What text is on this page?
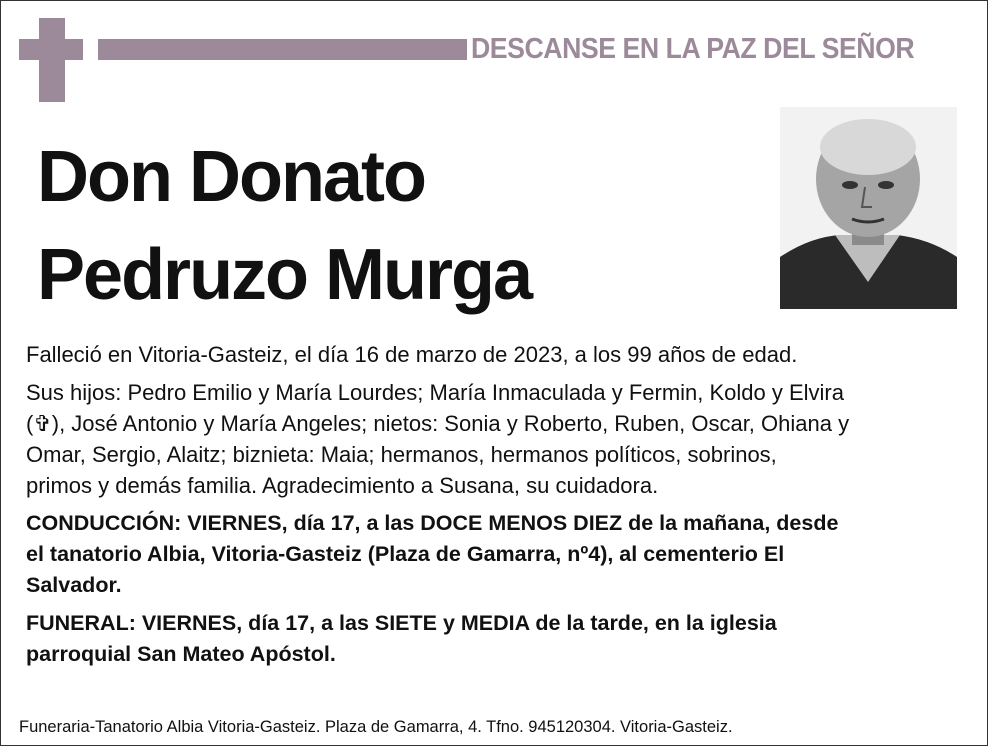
DESCANSE EN LA PAZ DEL SEÑOR
Don Donato
Pedruzo Murga
Falleció en Vitoria-Gasteiz, el día 16 de marzo de 2023, a los 99 años de edad.
Sus hijos: Pedro Emilio y María Lourdes; María Inmaculada y Fermin, Koldo y Elvira
(✞), José Antonio y María Angeles; nietos: Sonia y Roberto, Ruben, Oscar, Ohiana y
Omar, Sergio, Alaitz; biznieta: Maia; hermanos, hermanos políticos, sobrinos,
primos y demás familia. Agradecimiento a Susana, su cuidadora.
CONDUCCIÓN: VIERNES, día 17, a las DOCE MENOS DIEZ de la mañana, desde
el tanatorio Albia, Vitoria-Gasteiz (Plaza de Gamarra, nº4), al cementerio El
Salvador.
FUNERAL: VIERNES, día 17, a las SIETE y MEDIA de la tarde, en la iglesia
parroquial San Mateo Apóstol.
Funeraria-Tanatorio Albia Vitoria-Gasteiz. Plaza de Gamarra, 4. Tfno. 945120304. Vitoria-Gasteiz.
